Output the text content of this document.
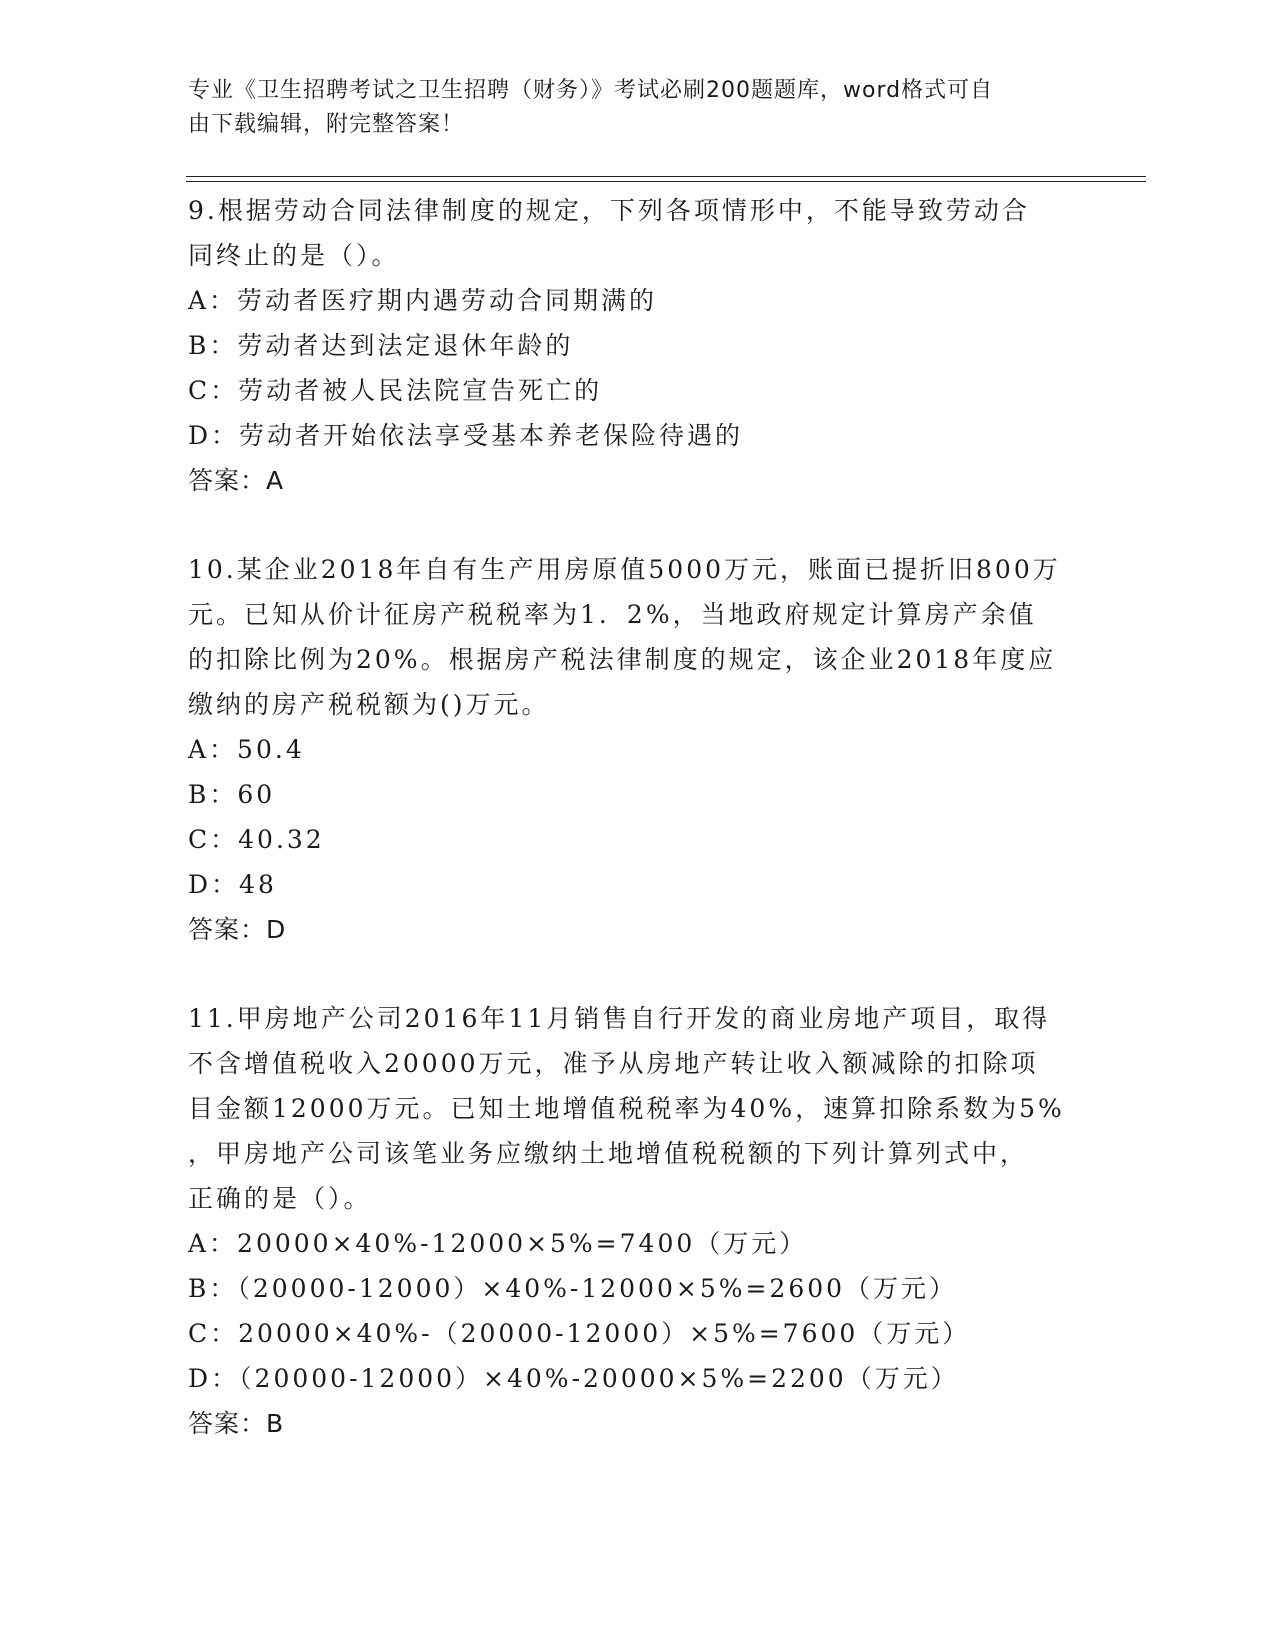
专业《卫生招聘考试之卫生招聘（财务）》考试必刷200题题库，word格式可自
由下载编辑，附完整答案！
9.根据劳动合同法律制度的规定，下列各项情形中，不能导致劳动合
同终止的是（）。
A：劳动者医疗期内遇劳动合同期满的
B：劳动者达到法定退休年龄的
C：劳动者被人民法院宣告死亡的
D：劳动者开始依法享受基本养老保险待遇的
答案：A
10.某企业2018年自有生产用房原值5000万元，账面已提折旧800万
元。已知从价计征房产税税率为1．2%，当地政府规定计算房产余值
的扣除比例为20%。根据房产税法律制度的规定，该企业2018年度应
缴纳的房产税税额为()万元。
A：50.4
B：60
C：40.32
D：48
答案：D
11.甲房地产公司2016年11月销售自行开发的商业房地产项目，取得
不含增值税收入20000万元，准予从房地产转让收入额减除的扣除项
目金额12000万元。已知土地增值税税率为40%，速算扣除系数为5%
，甲房地产公司该笔业务应缴纳土地增值税税额的下列计算列式中，
正确的是（）。
A：20000×40%-12000×5%=7400（万元）
B：（20000-12000）×40%-12000×5%=2600（万元）
C：20000×40%-（20000-12000）×5%=7600（万元）
D：（20000-12000）×40%-20000×5%=2200（万元）
答案：B
